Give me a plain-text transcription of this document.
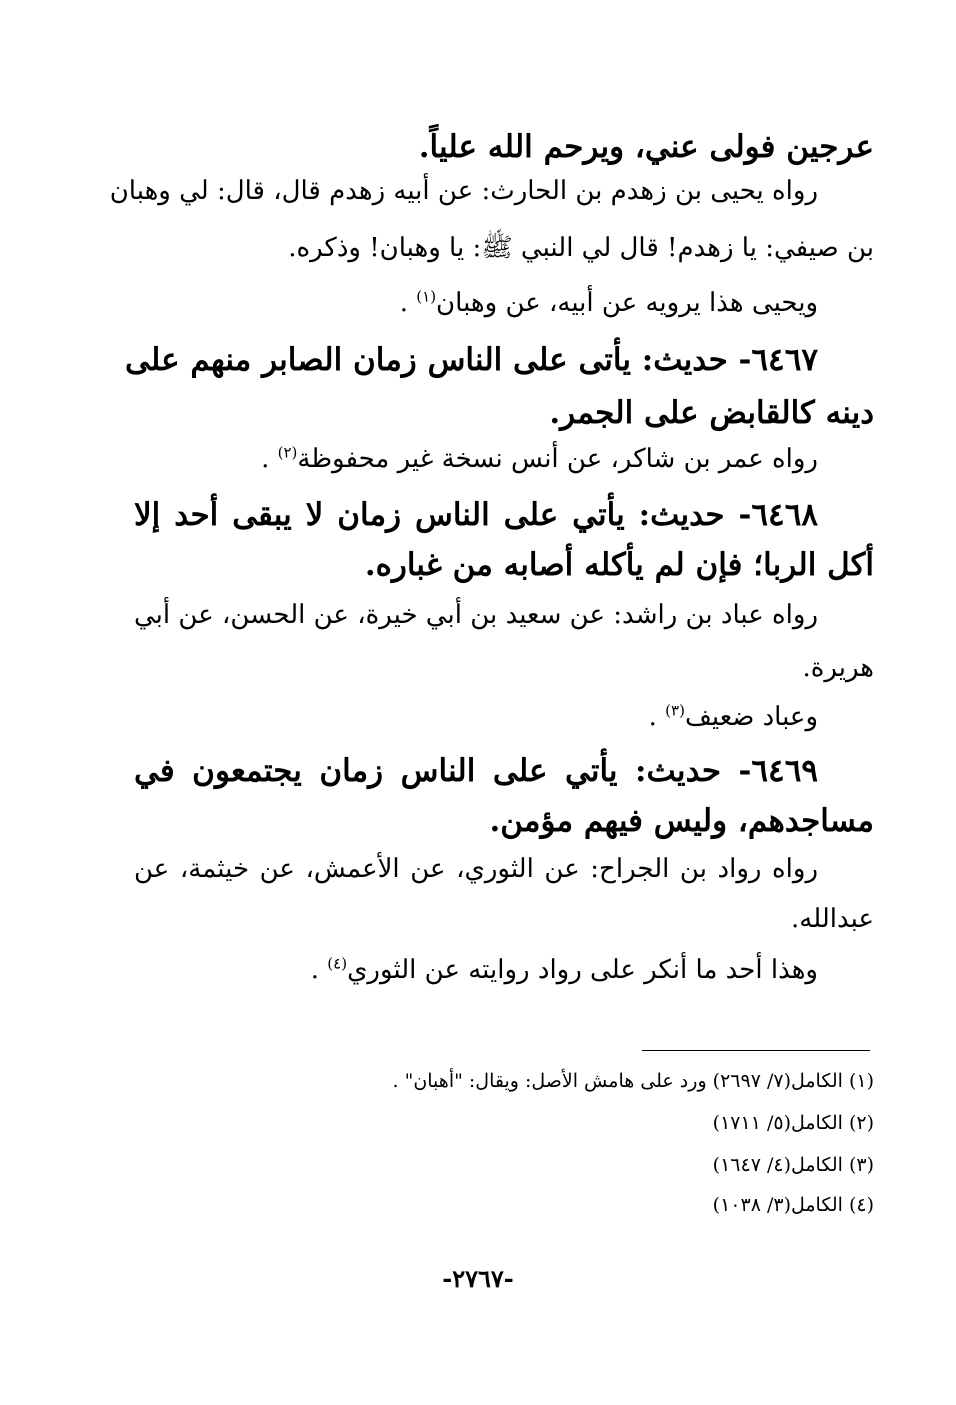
عرجين فولى عني، ويرحم الله علياً.
رواه يحيى بن زهدم بن الحارث: عن أبيه زهدم قال، قال: لي وهبان
بن صيفي: يا زهدم! قال لي النبي ﷺ: يا وهبان! وذكره.
ويحيى هذا يرويه عن أبيه، عن وهبان$^{(١)}$ .
٦٤٦٧- حديث: يأتى على الناس زمان الصابر منهم على
دينه كالقابض على الجمر.
رواه عمر بن شاكر، عن أنس نسخة غير محفوظة$^{(٢)}$ .
٦٤٦٨- حديث: يأتي على الناس زمان لا يبقى أحد إلا
أكل الربا؛ فإن لم يأكله أصابه من غباره.
رواه عباد بن راشد: عن سعيد بن أبي خيرة، عن الحسن، عن أبي
هريرة.
وعباد ضعيف$^{(٣)}$ .
٦٤٦٩- حديث: يأتي على الناس زمان يجتمعون في
مساجدهم، وليس فيهم مؤمن.
رواه رواد بن الجراح: عن الثوري، عن الأعمش، عن خيثمة، عن
عبدالله.
وهذا أحد ما أنكر على رواد روايته عن الثوري$^{(٤)}$ .
(١) الكامل(٧/ ٢٦٩٧) ورد على هامش الأصل: ويقال: "أهبان" .
(٢) الكامل(٥/ ١٧١١)
(٣) الكامل(٤/ ١٦٤٧)
(٤) الكامل(٣/ ١٠٣٨)
-٢٧٦٧-
